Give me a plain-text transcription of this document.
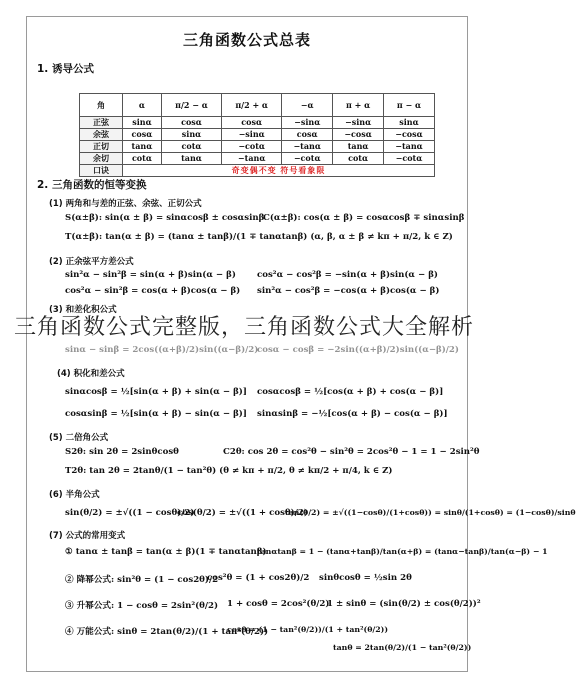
三角函数公式总表
1. 诱导公式
角	α	π/2 − α	π/2 + α	−α	π + α	π − α
正弦	sinα	cosα	cosα	−sinα	−sinα	sinα
余弦	cosα	sinα	−sinα	cosα	−cosα	−cosα
正切	tanα	cotα	−cotα	−tanα	tanα	−tanα
余切	cotα	tanα	−tanα	−cotα	cotα	−cotα
口诀	奇变偶不变 符号看象限					
2. 三角函数的恒等变换
(1) 两角和与差的正弦、余弦、正切公式
S(α±β): sin(α ± β) = sinαcosβ ± cosαsinβ
C(α±β): cos(α ± β) = cosαcosβ ∓ sinαsinβ
T(α±β): tan(α ± β) = (tanα ± tanβ)/(1 ∓ tanαtanβ) (α, β, α ± β ≠ kπ + π/2, k ∈ Z)
(2) 正余弦平方差公式
sin²α − sin²β = sin(α + β)sin(α − β) cos²α − cos²β = −sin(α + β)sin(α − β)
cos²α − sin²β = cos(α + β)cos(α − β) sin²α − cos²β = −cos(α + β)cos(α − β)
(3) 和差化积公式
sinα − sinβ = 2cos((α+β)/2)sin((α−β)/2)
cosα − cosβ = −2sin((α+β)/2)sin((α−β)/2)
(4) 积化和差公式
sinαcosβ = ½[sin(α + β) + sin(α − β)] cosαcosβ = ½[cos(α + β) + cos(α − β)]
cosαsinβ = ½[sin(α + β) − sin(α − β)] sinαsinβ = −½[cos(α + β) − cos(α − β)]
(5) 二倍角公式
S2θ: sin 2θ = 2sinθcosθ	C2θ: cos 2θ = cos²θ − sin²θ = 2cos²θ − 1 = 1 − 2sin²θ
T2θ: tan 2θ = 2tanθ/(1 − tan²θ) (θ ≠ kπ + π/2, θ ≠ kπ/2 + π/4, k ∈ Z)
(6) 半角公式
sin(θ/2) = ±√((1 − cosθ)/2)
cos(θ/2) = ±√((1 + cosθ)/2)
tan(θ/2) = ±√((1−cosθ)/(1+cosθ)) = sinθ/(1+cosθ) = (1−cosθ)/sinθ
(7) 公式的常用变式
① tanα ± tanβ = tan(α ± β)(1 ∓ tanαtanβ)
tanαtanβ = 1 − (tanα+tanβ)/tan(α+β) = (tanα−tanβ)/tan(α−β) − 1
② 降幂公式: sin²θ = (1 − cos2θ)/2
cos²θ = (1 + cos2θ)/2 sinθcosθ = ½sin 2θ
③ 升幂公式: 1 − cosθ = 2sin²(θ/2) 1 + cosθ = 2cos²(θ/2)
1 ± sinθ = (sin(θ/2) ± cos(θ/2))²
④ 万能公式: sinθ = 2tan(θ/2)/(1 + tan²(θ/2))
cosθ = (1 − tan²(θ/2))/(1 + tan²(θ/2))
tanθ = 2tan(θ/2)/(1 − tan²(θ/2))
三角函数公式完整版，三角函数公式大全解析
